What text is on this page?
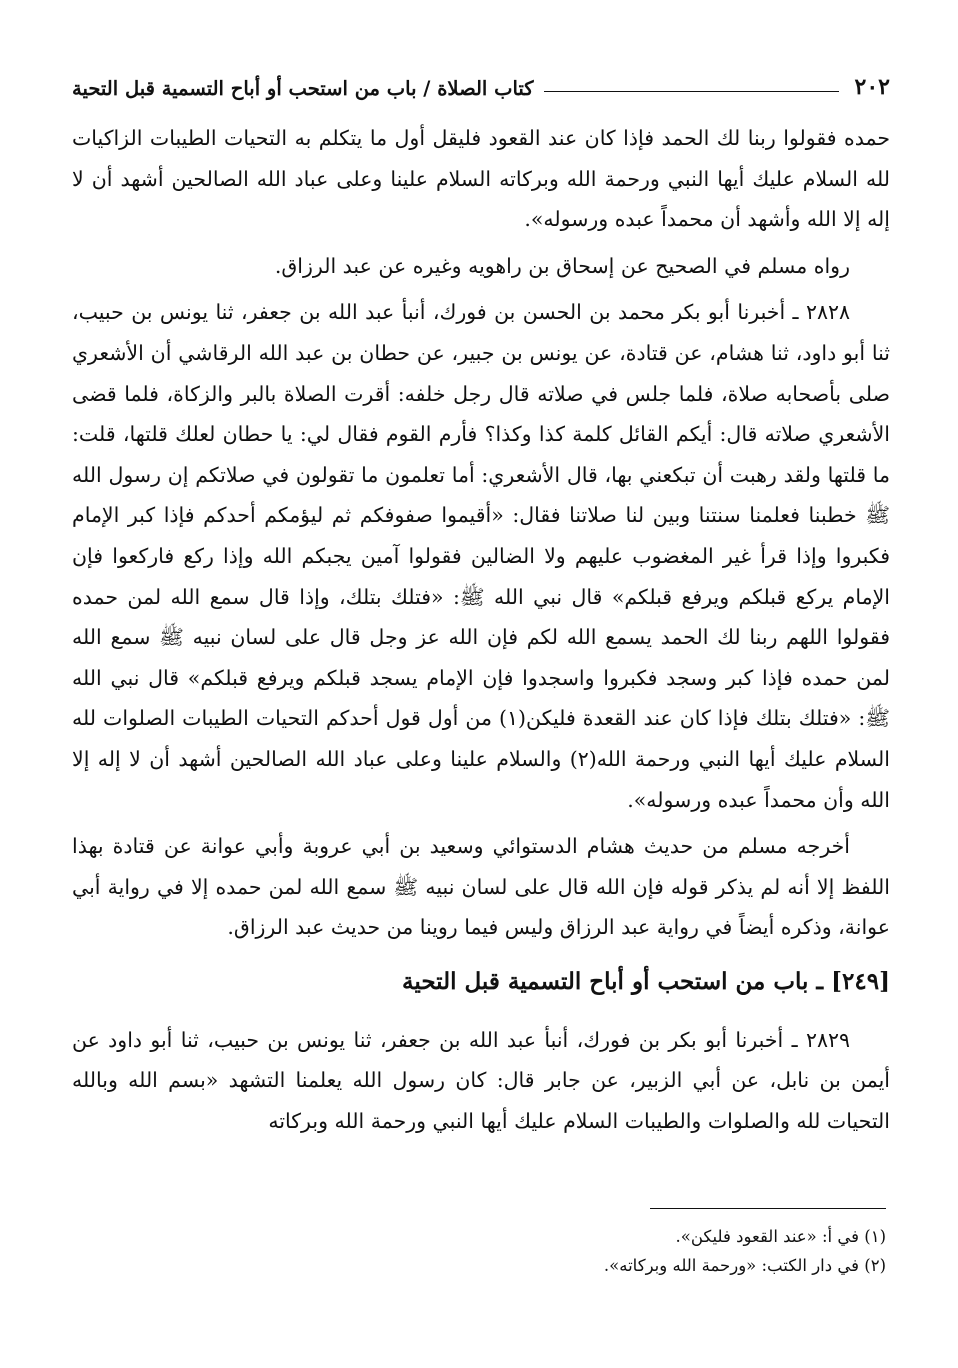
٢٠٢
كتاب الصلاة / باب من استحب أو أباح التسمية قبل التحية

حمده فقولوا ربنا لك الحمد فإذا كان عند القعود فليقل أول ما يتكلم به التحيات الطيبات الزاكيات لله السلام عليك أيها النبي ورحمة الله وبركاته السلام علينا وعلى عباد الله الصالحين أشهد أن لا إله إلا الله وأشهد أن محمداً عبده ورسوله».

رواه مسلم في الصحيح عن إسحاق بن راهويه وغيره عن عبد الرزاق.

٢٨٢٨ ـ أخبرنا أبو بكر محمد بن الحسن بن فورك، أنبأ عبد الله بن جعفر، ثنا يونس بن حبيب، ثنا أبو داود، ثنا هشام، عن قتادة، عن يونس بن جبير، عن حطان بن عبد الله الرقاشي أن الأشعري صلى بأصحابه صلاة، فلما جلس في صلاته قال رجل خلفه: أقرت الصلاة بالبر والزكاة، فلما قضى الأشعري صلاته قال: أيكم القائل كلمة كذا وكذا؟ فأرم القوم فقال لي: يا حطان لعلك قلتها، قلت: ما قلتها ولقد رهبت أن تبكعني بها، قال الأشعري: أما تعلمون ما تقولون في صلاتكم إن رسول الله ﷺ خطبنا فعلمنا سنتنا وبين لنا صلاتنا فقال: «أقيموا صفوفكم ثم ليؤمكم أحدكم فإذا كبر الإمام فكبروا وإذا قرأ غير المغضوب عليهم ولا الضالين فقولوا آمين يجبكم الله وإذا ركع فاركعوا فإن الإمام يركع قبلكم ويرفع قبلكم» قال نبي الله ﷺ: «فتلك بتلك، وإذا قال سمع الله لمن حمده فقولوا اللهم ربنا لك الحمد يسمع الله لكم فإن الله عز وجل قال على لسان نبيه ﷺ سمع الله لمن حمده فإذا كبر وسجد فكبروا واسجدوا فإن الإمام يسجد قبلكم ويرفع قبلكم» قال نبي الله ﷺ: «فتلك بتلك فإذا كان عند القعدة فليكن(١) من أول قول أحدكم التحيات الطيبات الصلوات لله السلام عليك أيها النبي ورحمة الله(٢) والسلام علينا وعلى عباد الله الصالحين أشهد أن لا إله إلا الله وأن محمداً عبده ورسوله».

أخرجه مسلم من حديث هشام الدستوائي وسعيد بن أبي عروبة وأبي عوانة عن قتادة بهذا اللفظ إلا أنه لم يذكر قوله فإن الله قال على لسان نبيه ﷺ سمع الله لمن حمده إلا في رواية أبي عوانة، وذكره أيضاً في رواية عبد الرزاق وليس فيما روينا من حديث عبد الرزاق.

[٢٤٩] ـ باب من استحب أو أباح التسمية قبل التحية

٢٨٢٩ ـ أخبرنا أبو بكر بن فورك، أنبأ عبد الله بن جعفر، ثنا يونس بن حبيب، ثنا أبو داود عن أيمن بن نابل، عن أبي الزبير، عن جابر قال: كان رسول الله يعلمنا التشهد «بسم الله وبالله التحيات لله والصلوات والطيبات السلام عليك أيها النبي ورحمة الله وبركاته

(١) في أ: «عند القعود فليكن».

(٢) في دار الكتب: «ورحمة الله وبركاته».
